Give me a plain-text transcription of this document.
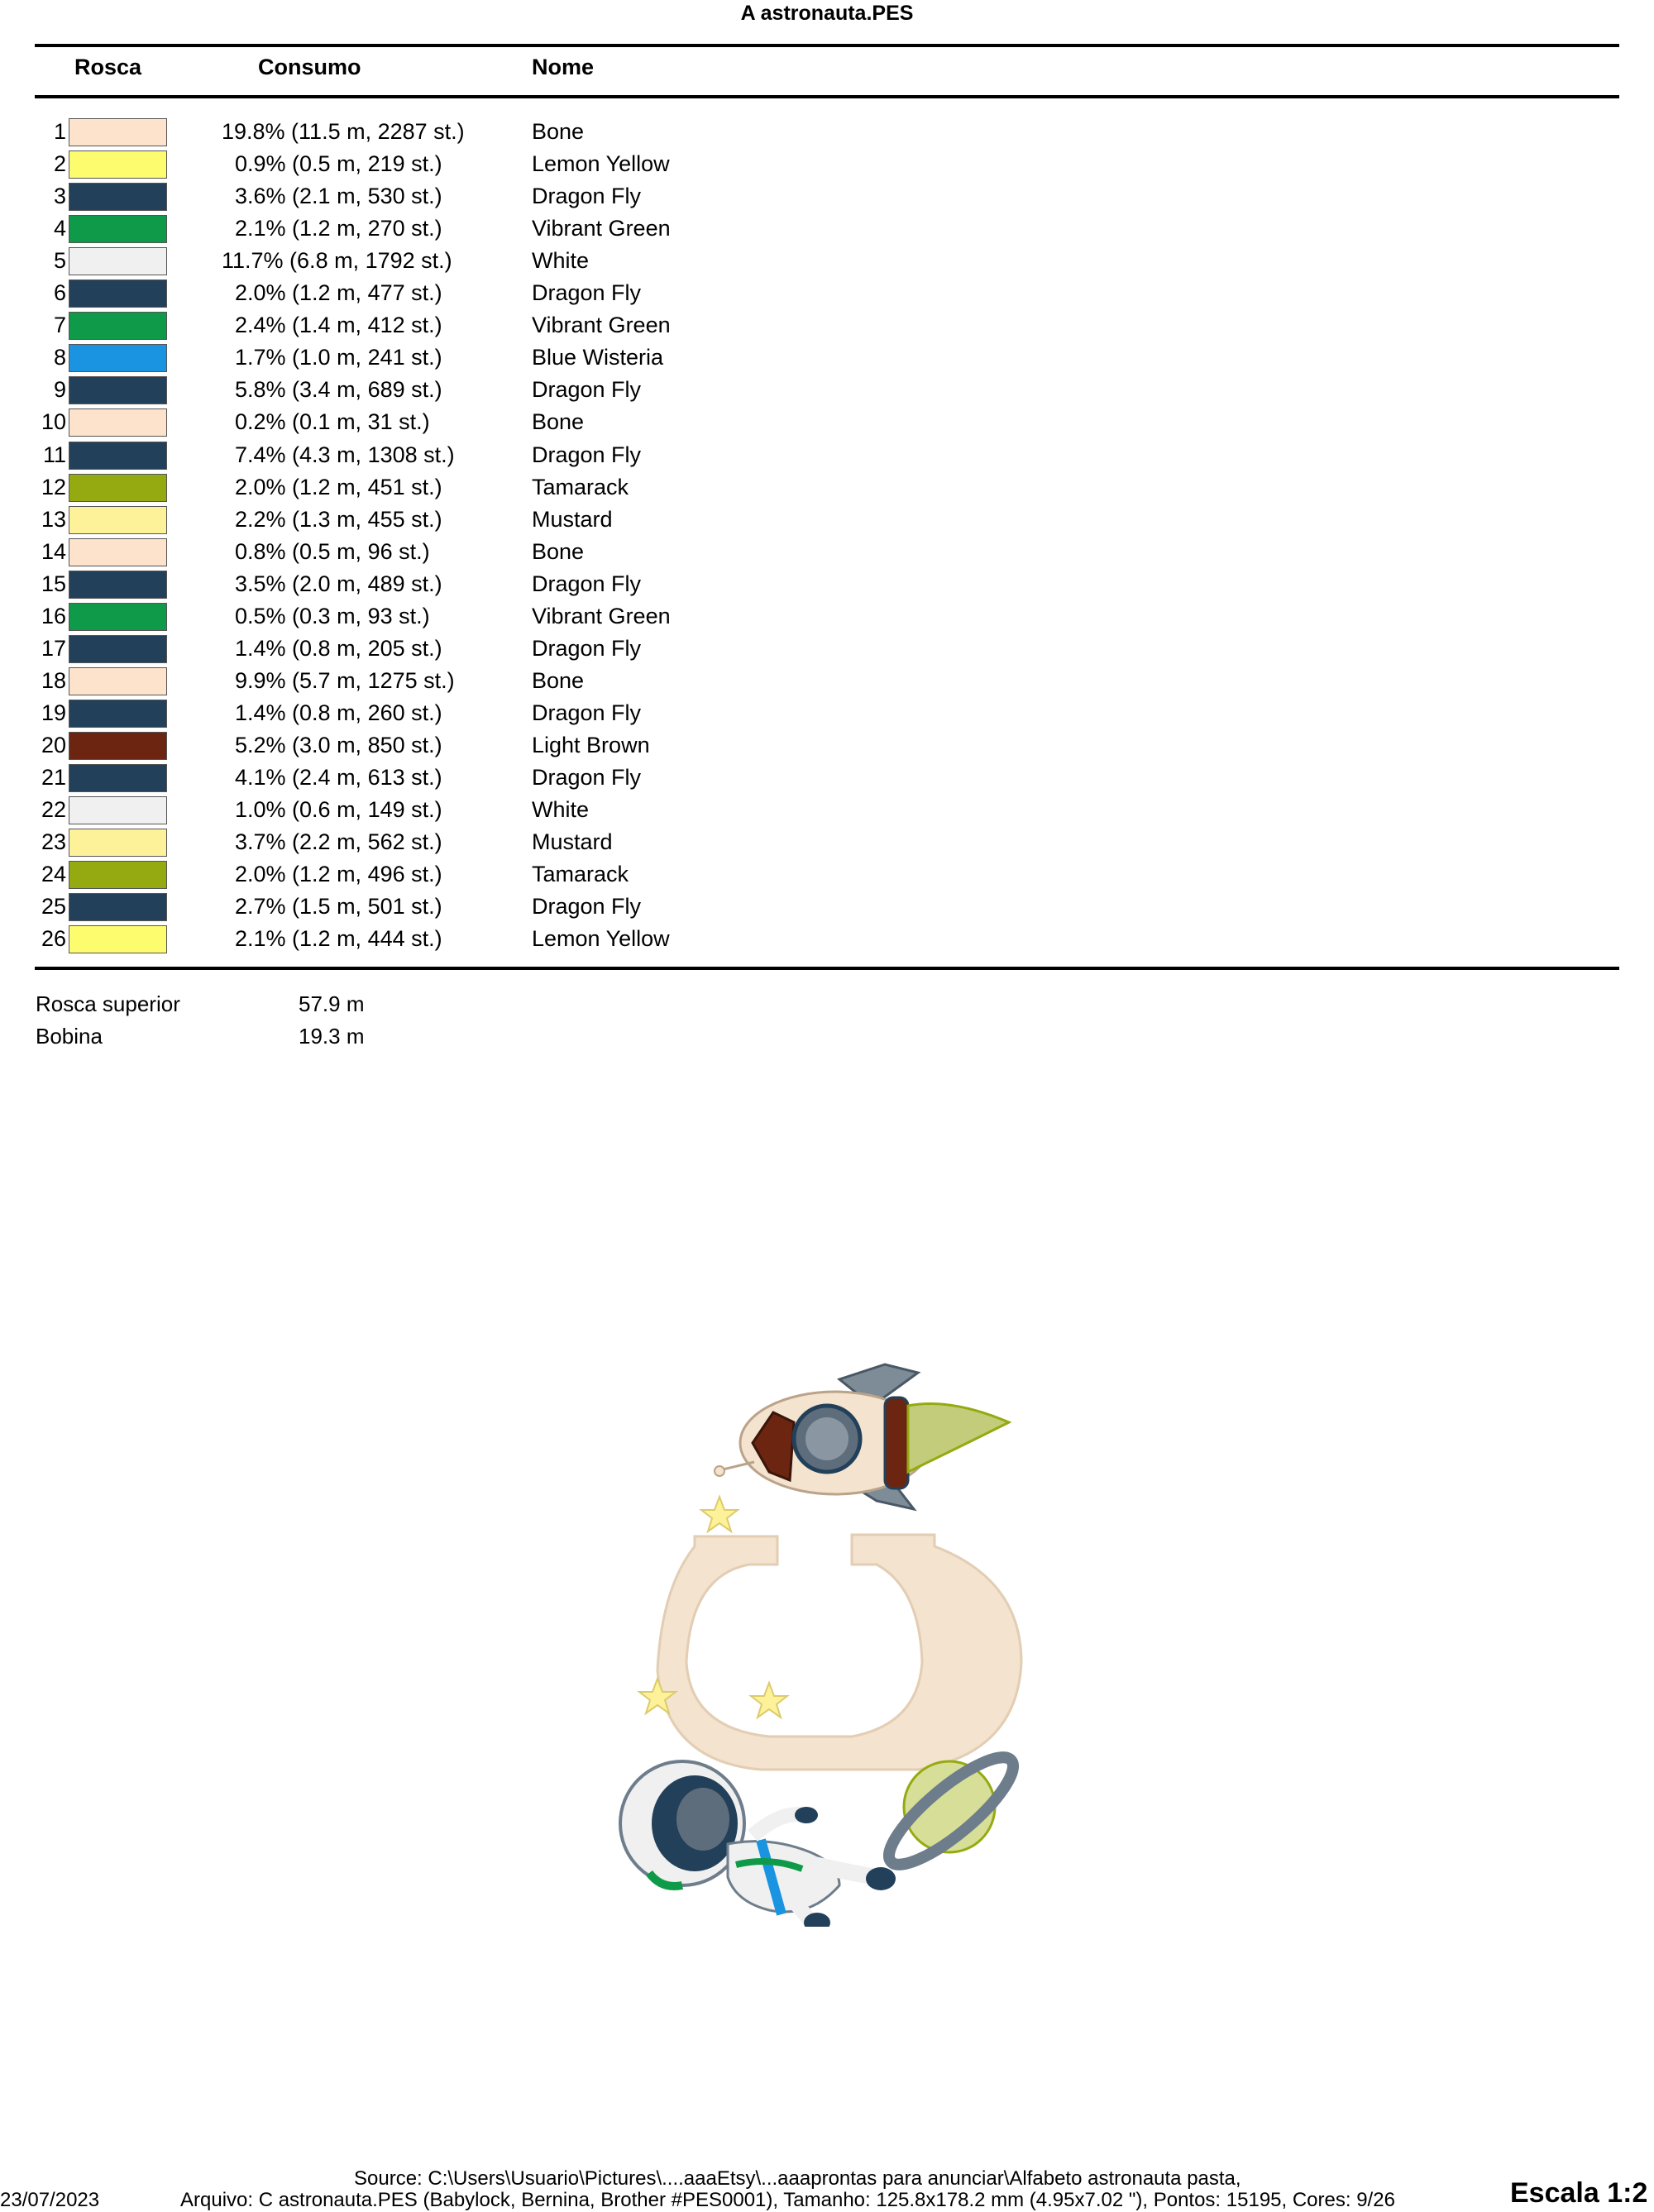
A astronauta.PES
Rosca	Consumo	Nome
1	19.8% (11.5 m, 2287 st.)	Bone
2	0.9% (0.5 m, 219 st.)	Lemon Yellow
3	3.6% (2.1 m, 530 st.)	Dragon Fly
4	2.1% (1.2 m, 270 st.)	Vibrant Green
5	11.7% (6.8 m, 1792 st.)	White
6	2.0% (1.2 m, 477 st.)	Dragon Fly
7	2.4% (1.4 m, 412 st.)	Vibrant Green
8	1.7% (1.0 m, 241 st.)	Blue Wisteria
9	5.8% (3.4 m, 689 st.)	Dragon Fly
10	0.2% (0.1 m, 31 st.)	Bone
11	7.4% (4.3 m, 1308 st.)	Dragon Fly
12	2.0% (1.2 m, 451 st.)	Tamarack
13	2.2% (1.3 m, 455 st.)	Mustard
14	0.8% (0.5 m, 96 st.)	Bone
15	3.5% (2.0 m, 489 st.)	Dragon Fly
16	0.5% (0.3 m, 93 st.)	Vibrant Green
17	1.4% (0.8 m, 205 st.)	Dragon Fly
18	9.9% (5.7 m, 1275 st.)	Bone
19	1.4% (0.8 m, 260 st.)	Dragon Fly
20	5.2% (3.0 m, 850 st.)	Light Brown
21	4.1% (2.4 m, 613 st.)	Dragon Fly
22	1.0% (0.6 m, 149 st.)	White
23	3.7% (2.2 m, 562 st.)	Mustard
24	2.0% (1.2 m, 496 st.)	Tamarack
25	2.7% (1.5 m, 501 st.)	Dragon Fly
26	2.1% (1.2 m, 444 st.)	Lemon Yellow
Rosca superior	57.9 m
Bobina	19.3 m
23/07/2023
Source: C:\Users\Usuario\Pictures\....aaaEtsy\...aaaprontas para anunciar\Alfabeto astronauta pasta,
Arquivo: C astronauta.PES (Babylock, Bernina, Brother #PES0001), Tamanho: 125.8x178.2 mm (4.95x7.02 "), Pontos: 15195, Cores: 9/26	Escala 1:2
